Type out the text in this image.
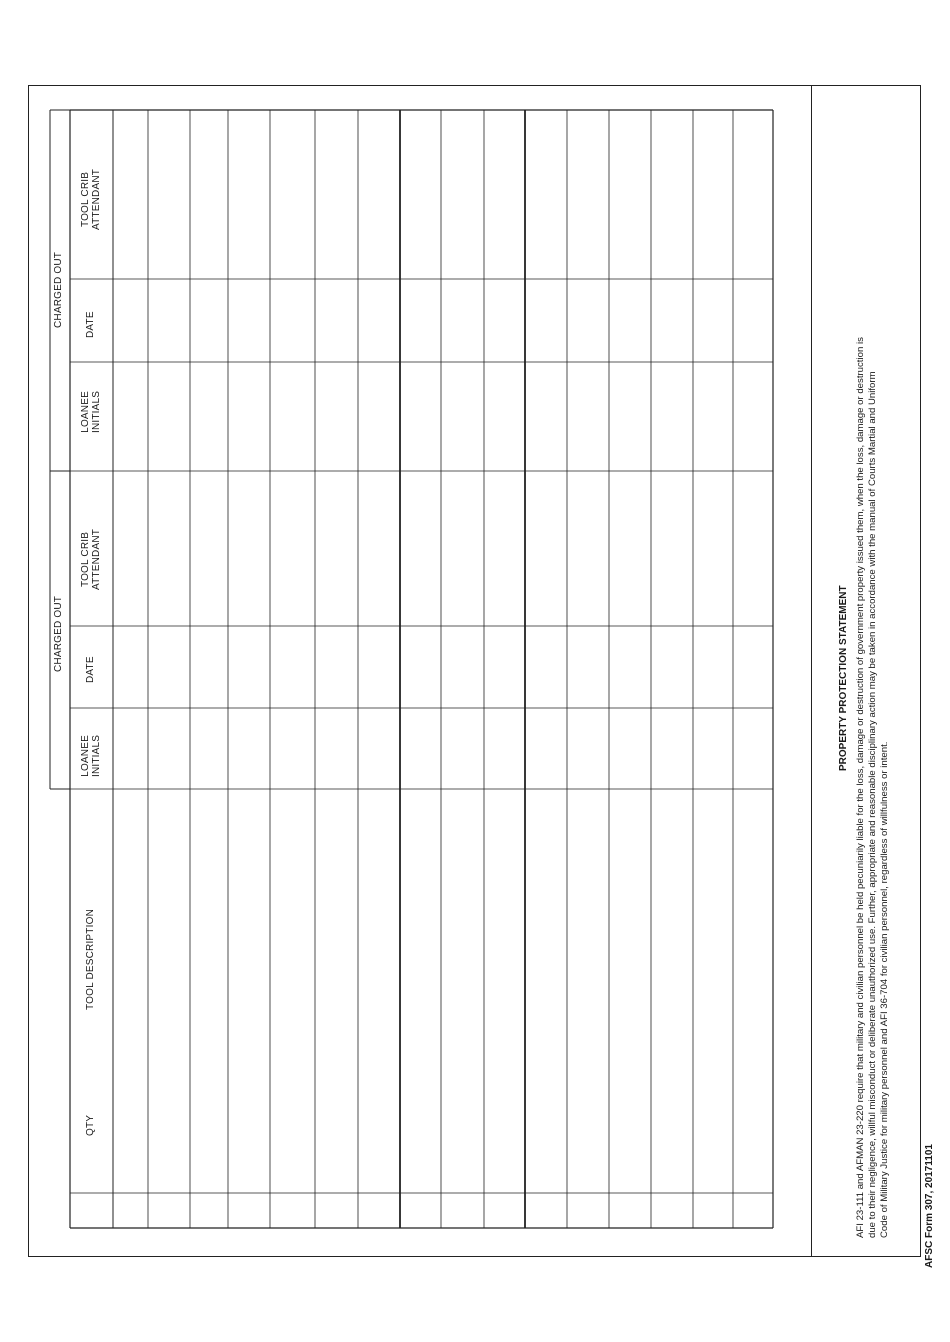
QTY
TOOL DESCRIPTION
CHARGED OUT
CHARGED OUT
LOANEE INITIALS
DATE
TOOL CRIB ATTENDANT
LOANEE INITIALS
DATE
TOOL CRIB ATTENDANT
PROPERTY PROTECTION STATEMENT AFI 23-111 and AFMAN 23-220 require that military and civilian personnel be held pecuniarily liable for the loss, damage or destruction of government property issued them, when the loss, damage or destruction is due to their negligence, willful misconduct or deliberate unauthorized use. Further, appropriate and reasonable disciplinary action may be taken in accordance with the manual of Courts Martial and Uniform Code of Military Justice for military personnel and AFI 36-704 for civilian personnel, regardless of willfulness or intent.	AFSC Form 307, 20171101
